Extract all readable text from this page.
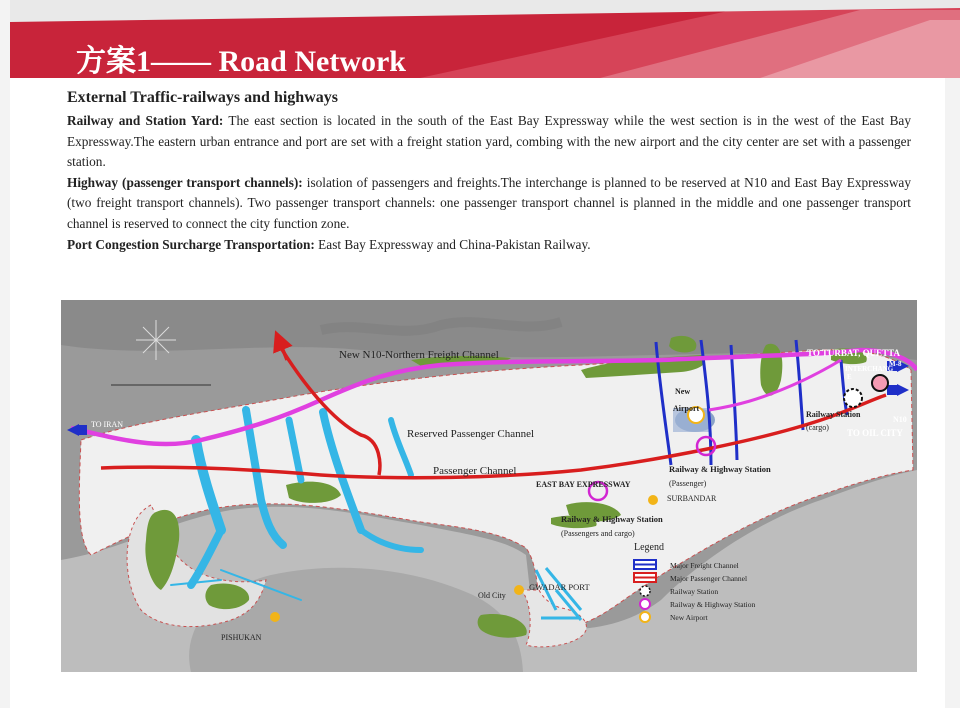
方案1—— Road Network
External Traffic-railways and highways

Railway and Station Yard: The east section is located in the south of the East Bay Expressway while the west section is in the west of the East Bay Expressway.The eastern urban entrance and port are set with a freight station yard, combing with the new airport and the city center are set with a passenger station.

Highway (passenger transport channels): isolation of passengers and freights.The interchange is planned to be reserved at N10 and East Bay Expressway (two freight transport channels). Two passenger transport channels: one passenger transport channel is planned in the middle and one passenger transport channel is reserved to connect the city function zone.

Port Congestion Surcharge Transportation: East Bay Expressway and China-Pakistan Railway.

New N10-Northern Freight Channel
Reserved Passenger Channel
Passenger Channel
EAST BAY EXPRESSWAY
TO IRAN
TO TURBAT, QUETTA
M-8
INTERCHANG
E
New
Airport
Railway Station
(cargo)
N10
TO OIL CITY
Railway & Highway Station
(Passenger)
SURBANDAR
Railway & Highway Station
(Passengers and cargo)
GWADAR PORT
Old City
PISHUKAN
Legend
Major Freight Channel
Major Passenger Channel
Railway Station
Railway & Highway Station
New Airport
